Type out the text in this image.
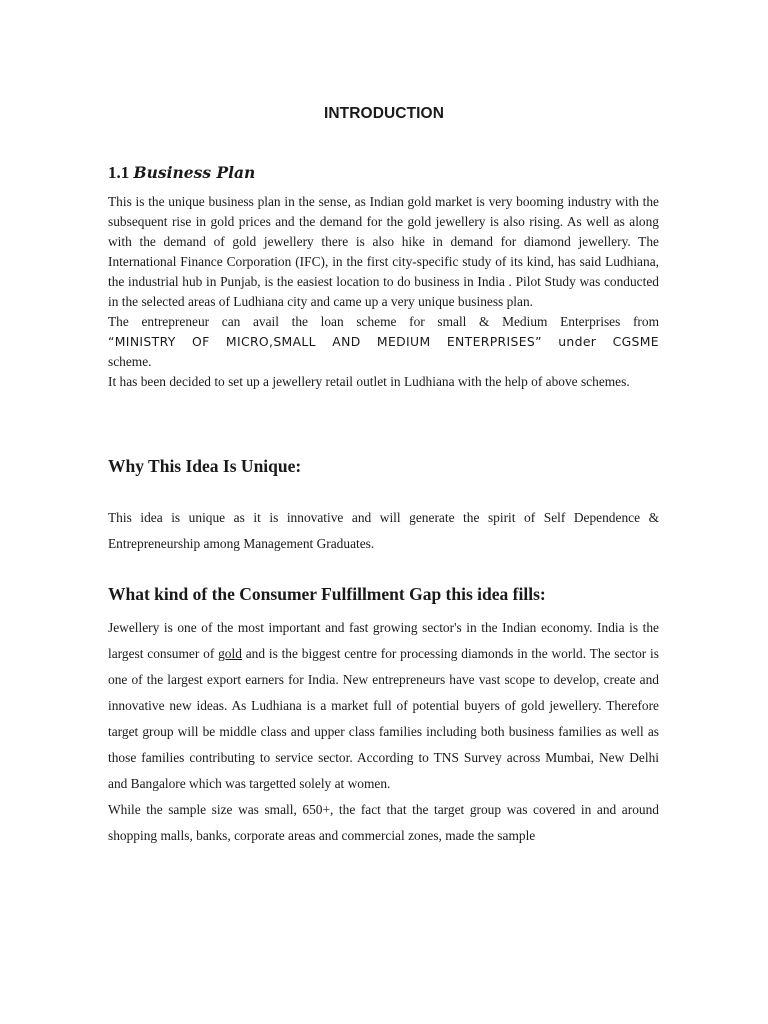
INTRODUCTION
1.1 Business Plan

This is the unique business plan in the sense, as Indian gold market is very booming industry with the subsequent rise in gold prices and the demand for the gold jewellery is also rising. As well as along with the demand of gold jewellery there is also hike in demand for diamond jewellery. The International Finance Corporation (IFC), in the first city-specific study of its kind, has said Ludhiana, the industrial hub in Punjab, is the easiest location to do business in India . Pilot Study was conducted in the selected areas of Ludhiana city and came up a very unique business plan.

The entrepreneur can avail the loan scheme for small & Medium Enterprises from

“MINISTRY OF MICRO,SMALL AND MEDIUM ENTERPRISES” under CGSME

scheme.

It has been decided to set up a jewellery retail outlet in Ludhiana with the help of above schemes.

Why This Idea Is Unique:
This idea is unique as it is innovative and will generate the spirit of Self Dependence & Entrepreneurship among Management Graduates.
What kind of the Consumer Fulfillment Gap this idea fills:

Jewellery is one of the most important and fast growing sector's in the Indian economy. India is the largest consumer of gold and is the biggest centre for processing diamonds in the world. The sector is one of the largest export earners for India. New entrepreneurs have vast scope to develop, create and innovative new ideas. As Ludhiana is a market full of potential buyers of gold jewellery. Therefore target group will be middle class and upper class families including both business families as well as those families contributing to service sector. According to TNS Survey across Mumbai, New Delhi and Bangalore which was targetted solely at women.

While the sample size was small, 650+, the fact that the target group was covered in and around shopping malls, banks, corporate areas and commercial zones, made the sample
